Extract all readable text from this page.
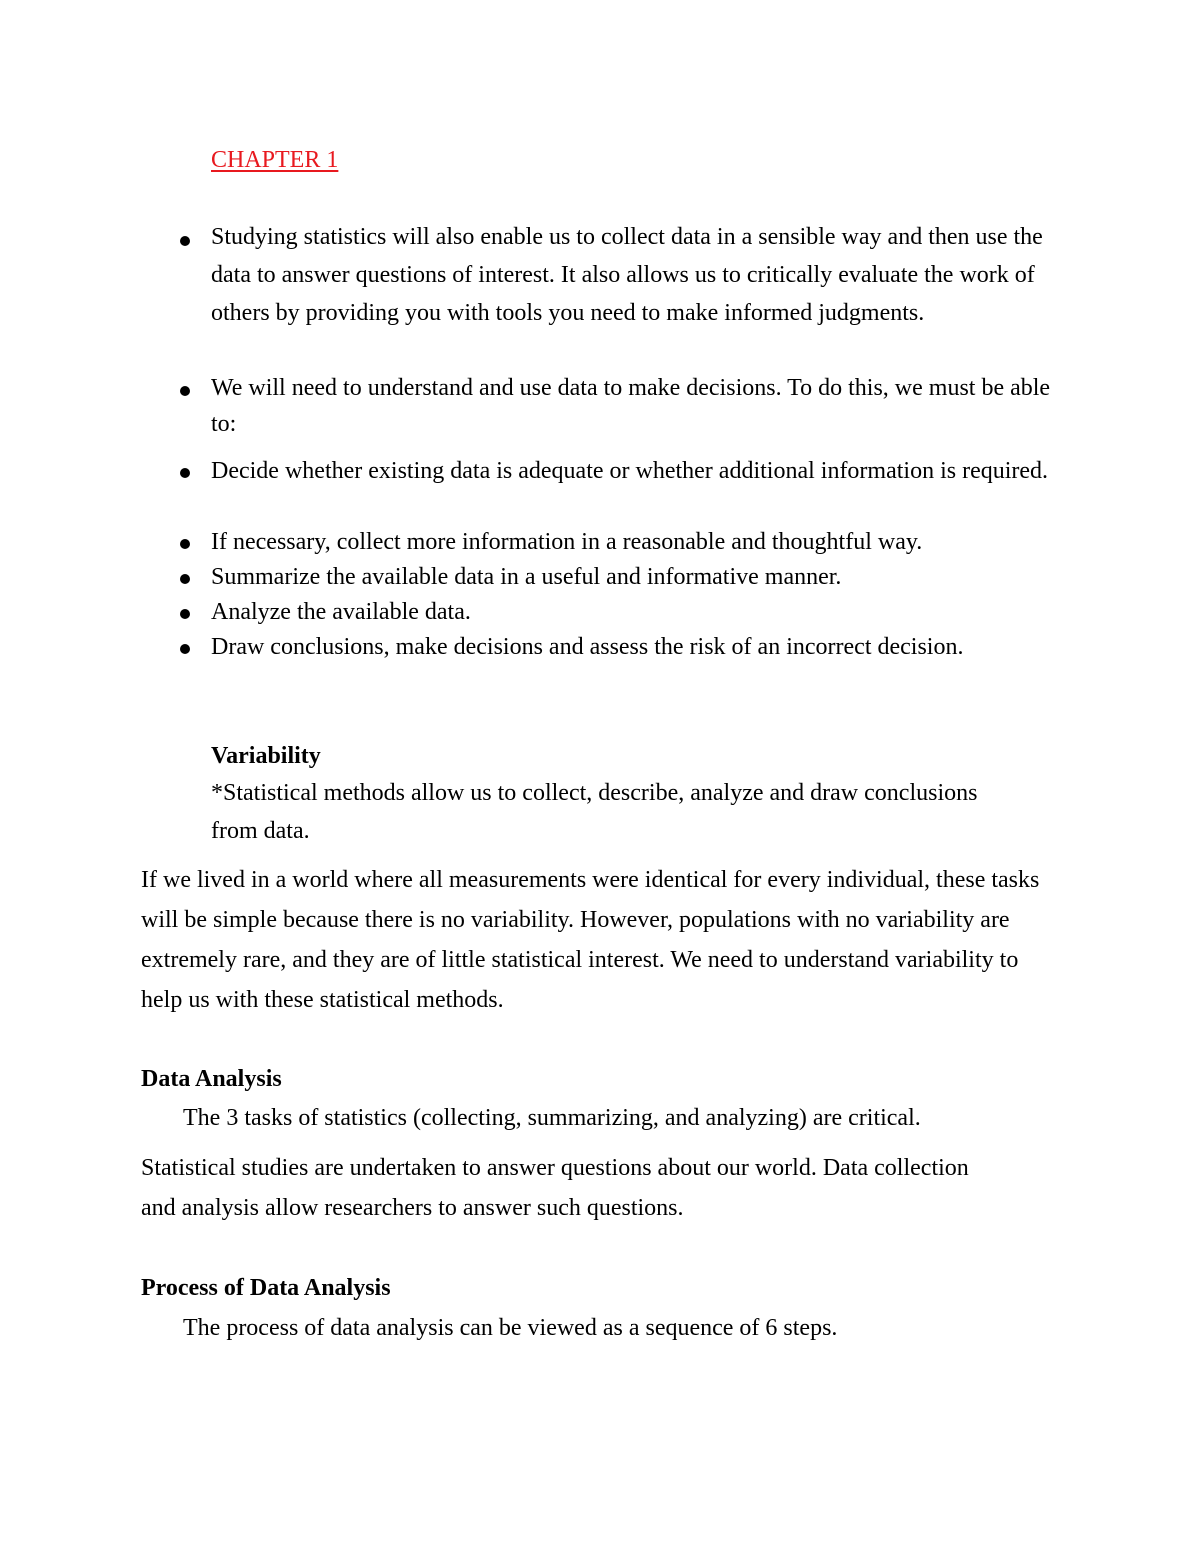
CHAPTER 1
Studying statistics will also enable us to collect data in a sensible way and then use the data to answer questions of interest. It also allows us to critically evaluate the work of others by providing you with tools you need to make informed judgments.
We will need to understand and use data to make decisions. To do this, we must be able to:
Decide whether existing data is adequate or whether additional information is required.
If necessary, collect more information in a reasonable and thoughtful way.
Summarize the available data in a useful and informative manner.
Analyze the available data.
Draw conclusions, make decisions and assess the risk of an incorrect decision.
Variability
*Statistical methods allow us to collect, describe, analyze and draw conclusions from data.
If we lived in a world where all measurements were identical for every individual, these tasks will be simple because there is no variability. However, populations with no variability are extremely rare, and they are of little statistical interest. We need to understand variability to help us with these statistical methods.
Data Analysis
The 3 tasks of statistics (collecting, summarizing, and analyzing) are critical.
Statistical studies are undertaken to answer questions about our world. Data collection and analysis allow researchers to answer such questions.
Process of Data Analysis
The process of data analysis can be viewed as a sequence of 6 steps.
